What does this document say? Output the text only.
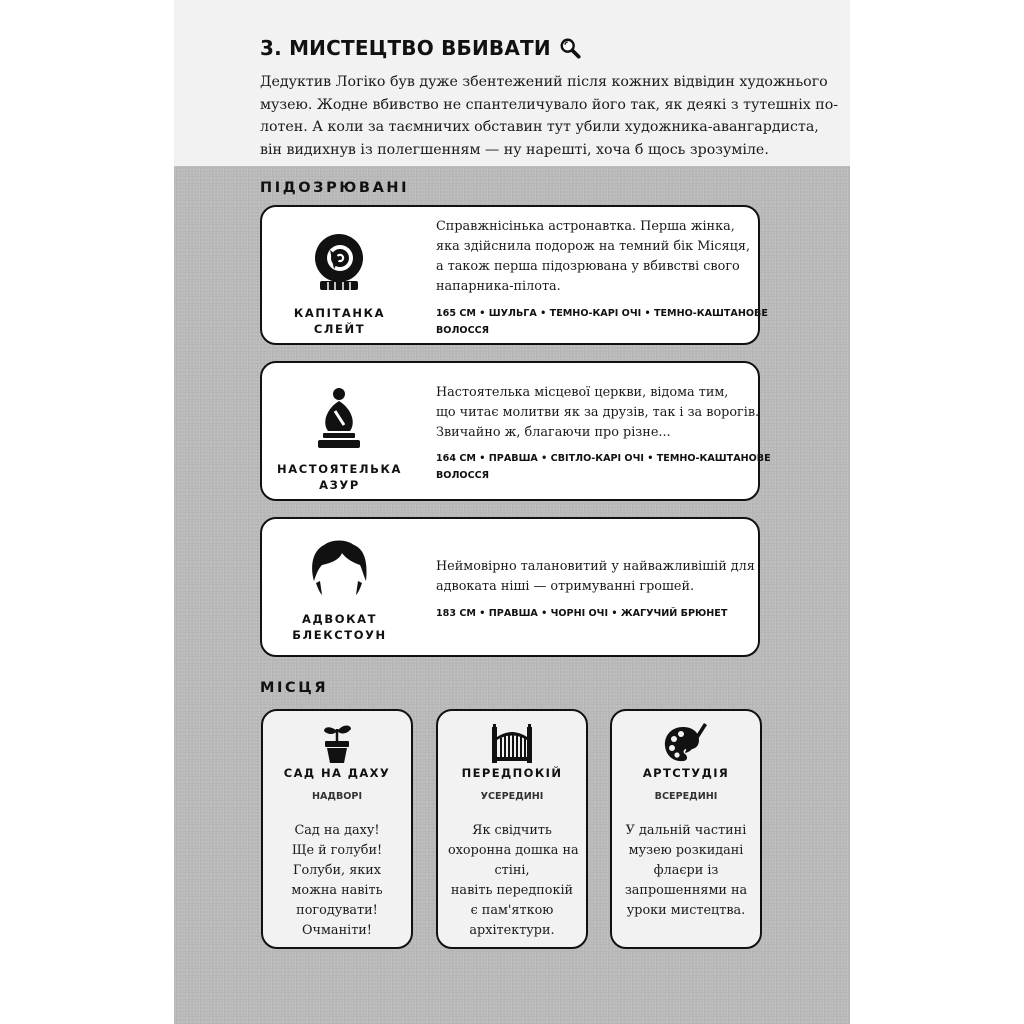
3. МИСТЕЦТВО ВБИВАТИ
Дедуктив Логіко був дуже збентежений після кожних відвідин художнього
музею. Жодне вбивство не спантеличувало його так, як деякі з тутешніх по-
лотен. А коли за таємничих обставин тут убили художника-авангардиста,
він видихнув із полегшенням — ну нарешті, хоча б щось зрозуміле.
ПІДОЗРЮВАНІ
КАПІТАНКА
СЛЕЙТ
Справжнісінька астронавтка. Перша жінка,
яка здійснила подорож на темний бік Місяця,
а також перша підозрювана у вбивстві свого
напарника-пілота.
165 СМ • ШУЛЬГА • ТЕМНО-КАРІ ОЧІ • ТЕМНО-КАШТАНОВЕ
ВОЛОССЯ
НАСТОЯТЕЛЬКА
АЗУР
Настоятелька місцевої церкви, відома тим,
що читає молитви як за друзів, так і за ворогів.
Звичайно ж, благаючи про різне...
164 СМ • ПРАВША • СВІТЛО-КАРІ ОЧІ • ТЕМНО-КАШТАНОВЕ
ВОЛОССЯ
АДВОКАТ
БЛЕКСТОУН
Неймовірно талановитий у найважливішій для
адвоката ніші — отримуванні грошей.
183 СМ • ПРАВША • ЧОРНІ ОЧІ • ЖАГУЧИЙ БРЮНЕТ
МІСЦЯ
САД НА ДАХУ
НАДВОРІ
Сад на даху!
Ще й голуби!
Голуби, яких
можна навіть
погодувати!
Очманіти!
ПЕРЕДПОКІЙ
УСЕРЕДИНІ
Як свідчить
охоронна дошка на
стіні,
навіть передпокій
є пам'яткою
архітектури.
АРТСТУДІЯ
ВСЕРЕДИНІ
У дальній частині
музею розкидані
флаєри із
запрошеннями на
уроки мистецтва.
